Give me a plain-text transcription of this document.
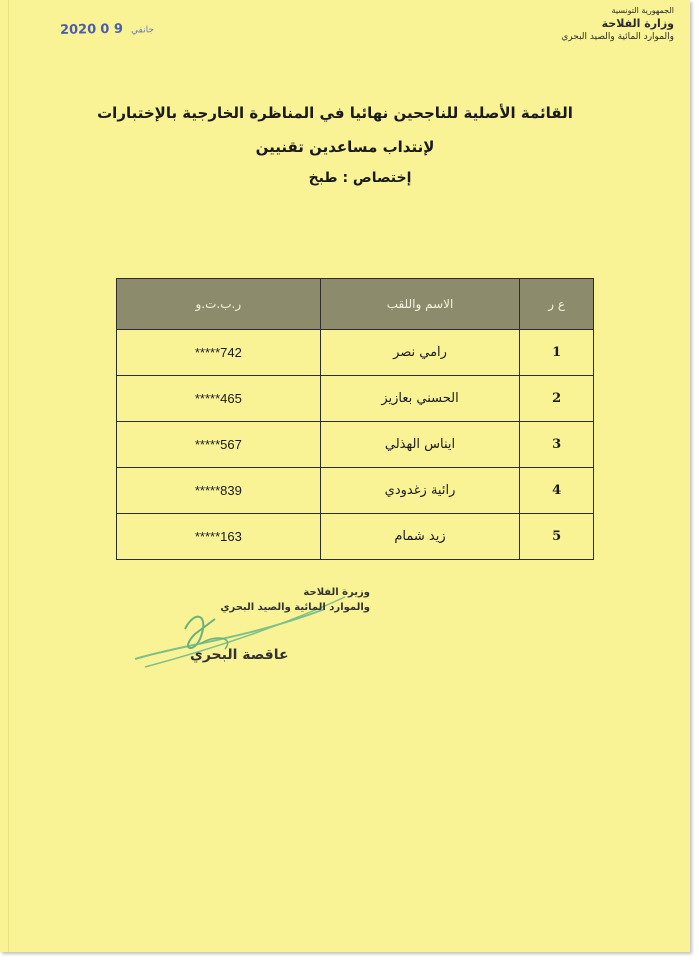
2020	جانفي 9 0
الجمهورية التونسية
وزارة الفلاحة
والموارد المائية والصيد البحري
القائمة الأصلية للناجحين نهائيا في المناظرة الخارجية بالإختبارات
لإنتداب مساعدين تقنيين
إختصاص : طبخ
ع ر	الاسم واللقب	ر.ب.ت.و
1	رامي نصر	*****742
2	الحسني بعازيز	*****465
3	ايناس الهذلي	*****567
4	رائية زغدودي	*****839
5	زيد شمام	*****163
وزيرة الفلاحة
والموارد المائية والصيد البحري
عاقصة البحري
